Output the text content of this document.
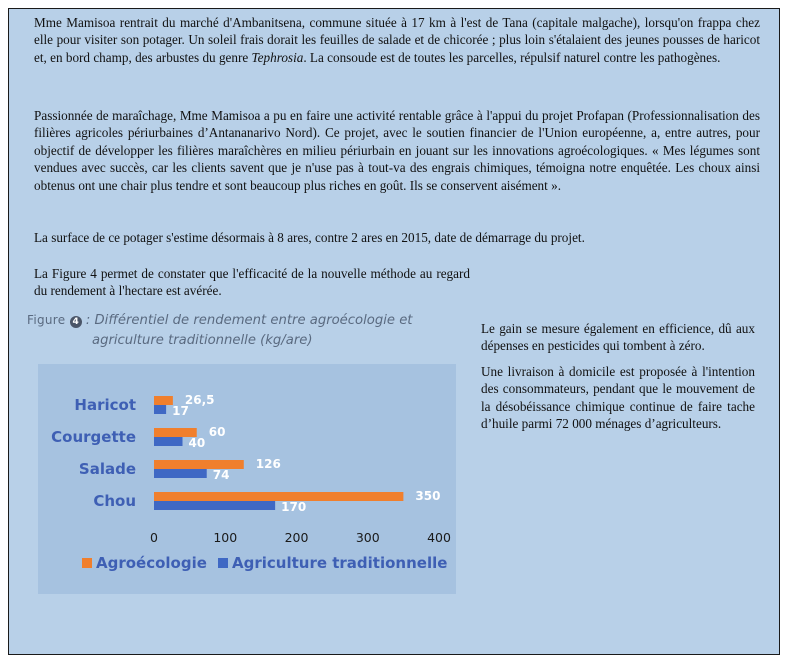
Mme Mamisoa rentrait du marché d'Ambanitsena, commune située à 17 km à l'est de Tana (capitale malgache), lorsqu'on frappa chez elle pour visiter son potager. Un soleil frais dorait les feuilles de salade et de chicorée ; plus loin s'étalaient des jeunes pousses de haricot et, en bord champ, des arbustes du genre Tephrosia. La consoude est de toutes les parcelles, répulsif naturel contre les pathogènes.

Passionnée de maraîchage, Mme Mamisoa a pu en faire une activité rentable grâce à l'appui du projet Profapan (Professionnalisation des filières agricoles périurbaines d’Antananarivo Nord). Ce projet, avec le soutien financier de l'Union européenne, a, entre autres, pour objectif de développer les filières maraîchères en milieu périurbain en jouant sur les innovations agroécologiques. « Mes légumes sont vendues avec succès, car les clients savent que je n'use pas à tout-va des engrais chimiques, témoigna notre enquêtée. Les choux ainsi obtenus ont une chair plus tendre et sont beaucoup plus riches en goût. Ils se conservent aisément ».

La surface de ce potager s'estime désormais à 8 ares, contre 2 ares en 2015, date de démarrage du projet.

La Figure 4 permet de constater que l'efficacité de la nouvelle méthode au regard du rendement à l'hectare est avérée.

Figure 4 : Différentiel de rendement entre agroécologie et
agriculture traditionnelle (kg/are)
Haricot	26,5
17
Courgette	60
40
Salade	126
74
Chou	350
170
0	100	200	300	400
Agroécologie Agriculture traditionnelle

Le gain se mesure également en efficience, dû aux dépenses en pesticides qui tombent à zéro.

Une livraison à domicile est proposée à l'intention des consommateurs, pendant que le mouvement de la désobéissance chimique continue de faire tache d’huile parmi 72 000 ménages d’agriculteurs.
